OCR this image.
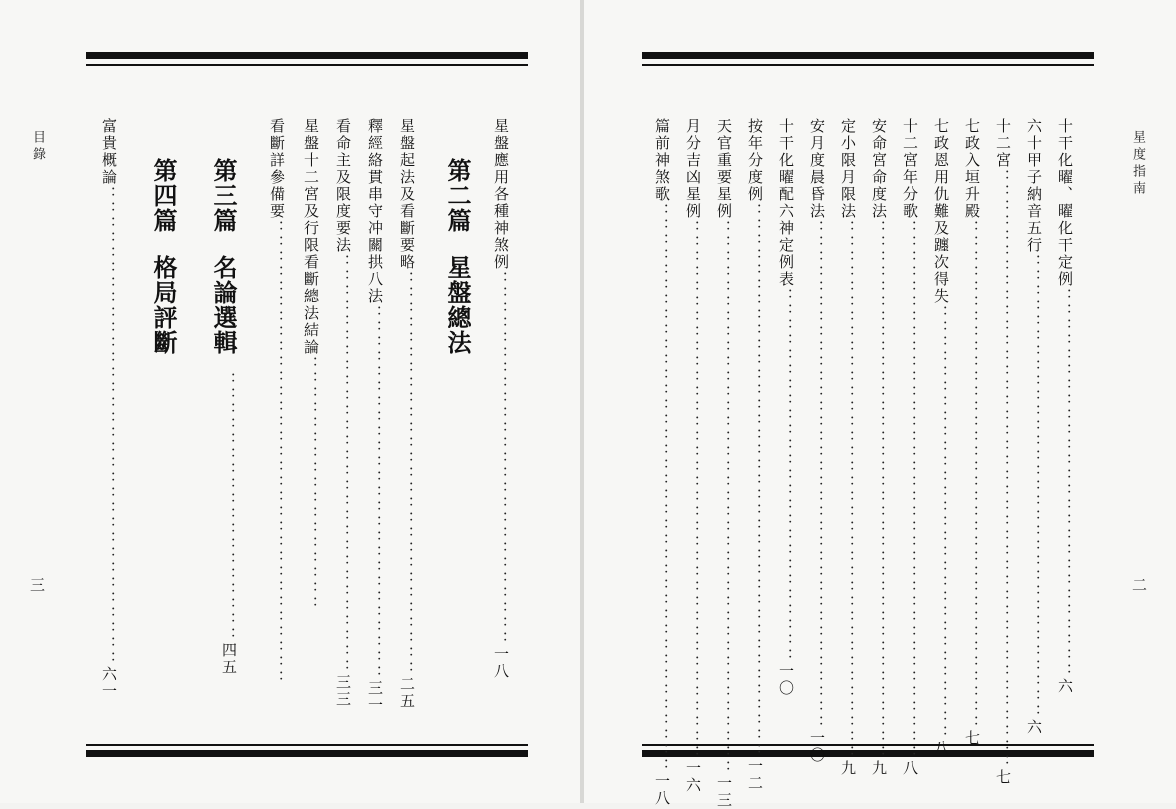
目錄
三
星盤應用各種神煞例：：：：：：：：：：：：：：：：：：：：：：：：：一八
第二篇星盤總法
星盤起法及看斷要略：：：：：：：：：：：：：：：：：：：：：：：：：：：二五
釋經絡貫串守冲關拱八法：：：：：：：：：：：：：：：：：：：：：：：：：三一
看命主及限度要法：：：：：：：：：：：：：：：：：：：：：：：：：：：：三三
星盤十二宮及行限看斷總法結論：：：：：：：：：：：：：：：：：
看斷詳參備要：：：：：：：：：：：：：：：：：：：：：：：：：：：：：：：
第三篇名論選輯
：：：：：：：：：：：：：：：：：：四五
第四篇格局評斷
富貴概論：：：：：：：：：：：：：：：：：：：：：：：：：：：：：：：：六一
星度指南
二
十干化曜、曜化干定例：：：：：：：：：：：：：：：：：：：：：：：：：：六
六十甲子納音五行：：：：：：：：：：：：：：：：：：：：：：：：：：：：：：：六
十二宮：：：：：：：：：：：：：：：：：：：：：：：：：：：：：：：：：：：：：：：：七
七政入垣升殿：：：：：：：：：：：：：：：：：：：：：：：：：：：：：：：：：：七
七政恩用仇難及躔次得失：：：：：：：：：：：：：：：：：：：：：：：：：：：：：八
十二宮年分歌：：：：：：：：：：：：：：：：：：：：：：：：：：：：：：：：：：：：八
安命宮命度法：：：：：：：：：：：：：：：：：：：：：：：：：：：：：：：：：：：：九
定小限月限法：：：：：：：：：：：：：：：：：：：：：：：：：：：：：：：：：：：：九
安月度晨昏法：：：：：：：：：：：：：：：：：：：：：：：：：：：：：：：：：：一〇
十干化曜配六神定例表：：：：：：：：：：：：：：：：：：：：：：：：：一〇
按年分度例：：：：：：：：：：：：：：：：：：：：：：：：：：：：：：：：：：：：：一二
天官重要星例：：：：：：：：：：：：：：：：：：：：：：：：：：：：：：：：：：：：：一三
月分吉凶星例：：：：：：：：：：：：：：：：：：：：：：：：：：：：：：：：：：：：一六
篇前神煞歌：：：：：：：：：：：：：：：：：：：：：：：：：：：：：：：：：：：：：：一八
